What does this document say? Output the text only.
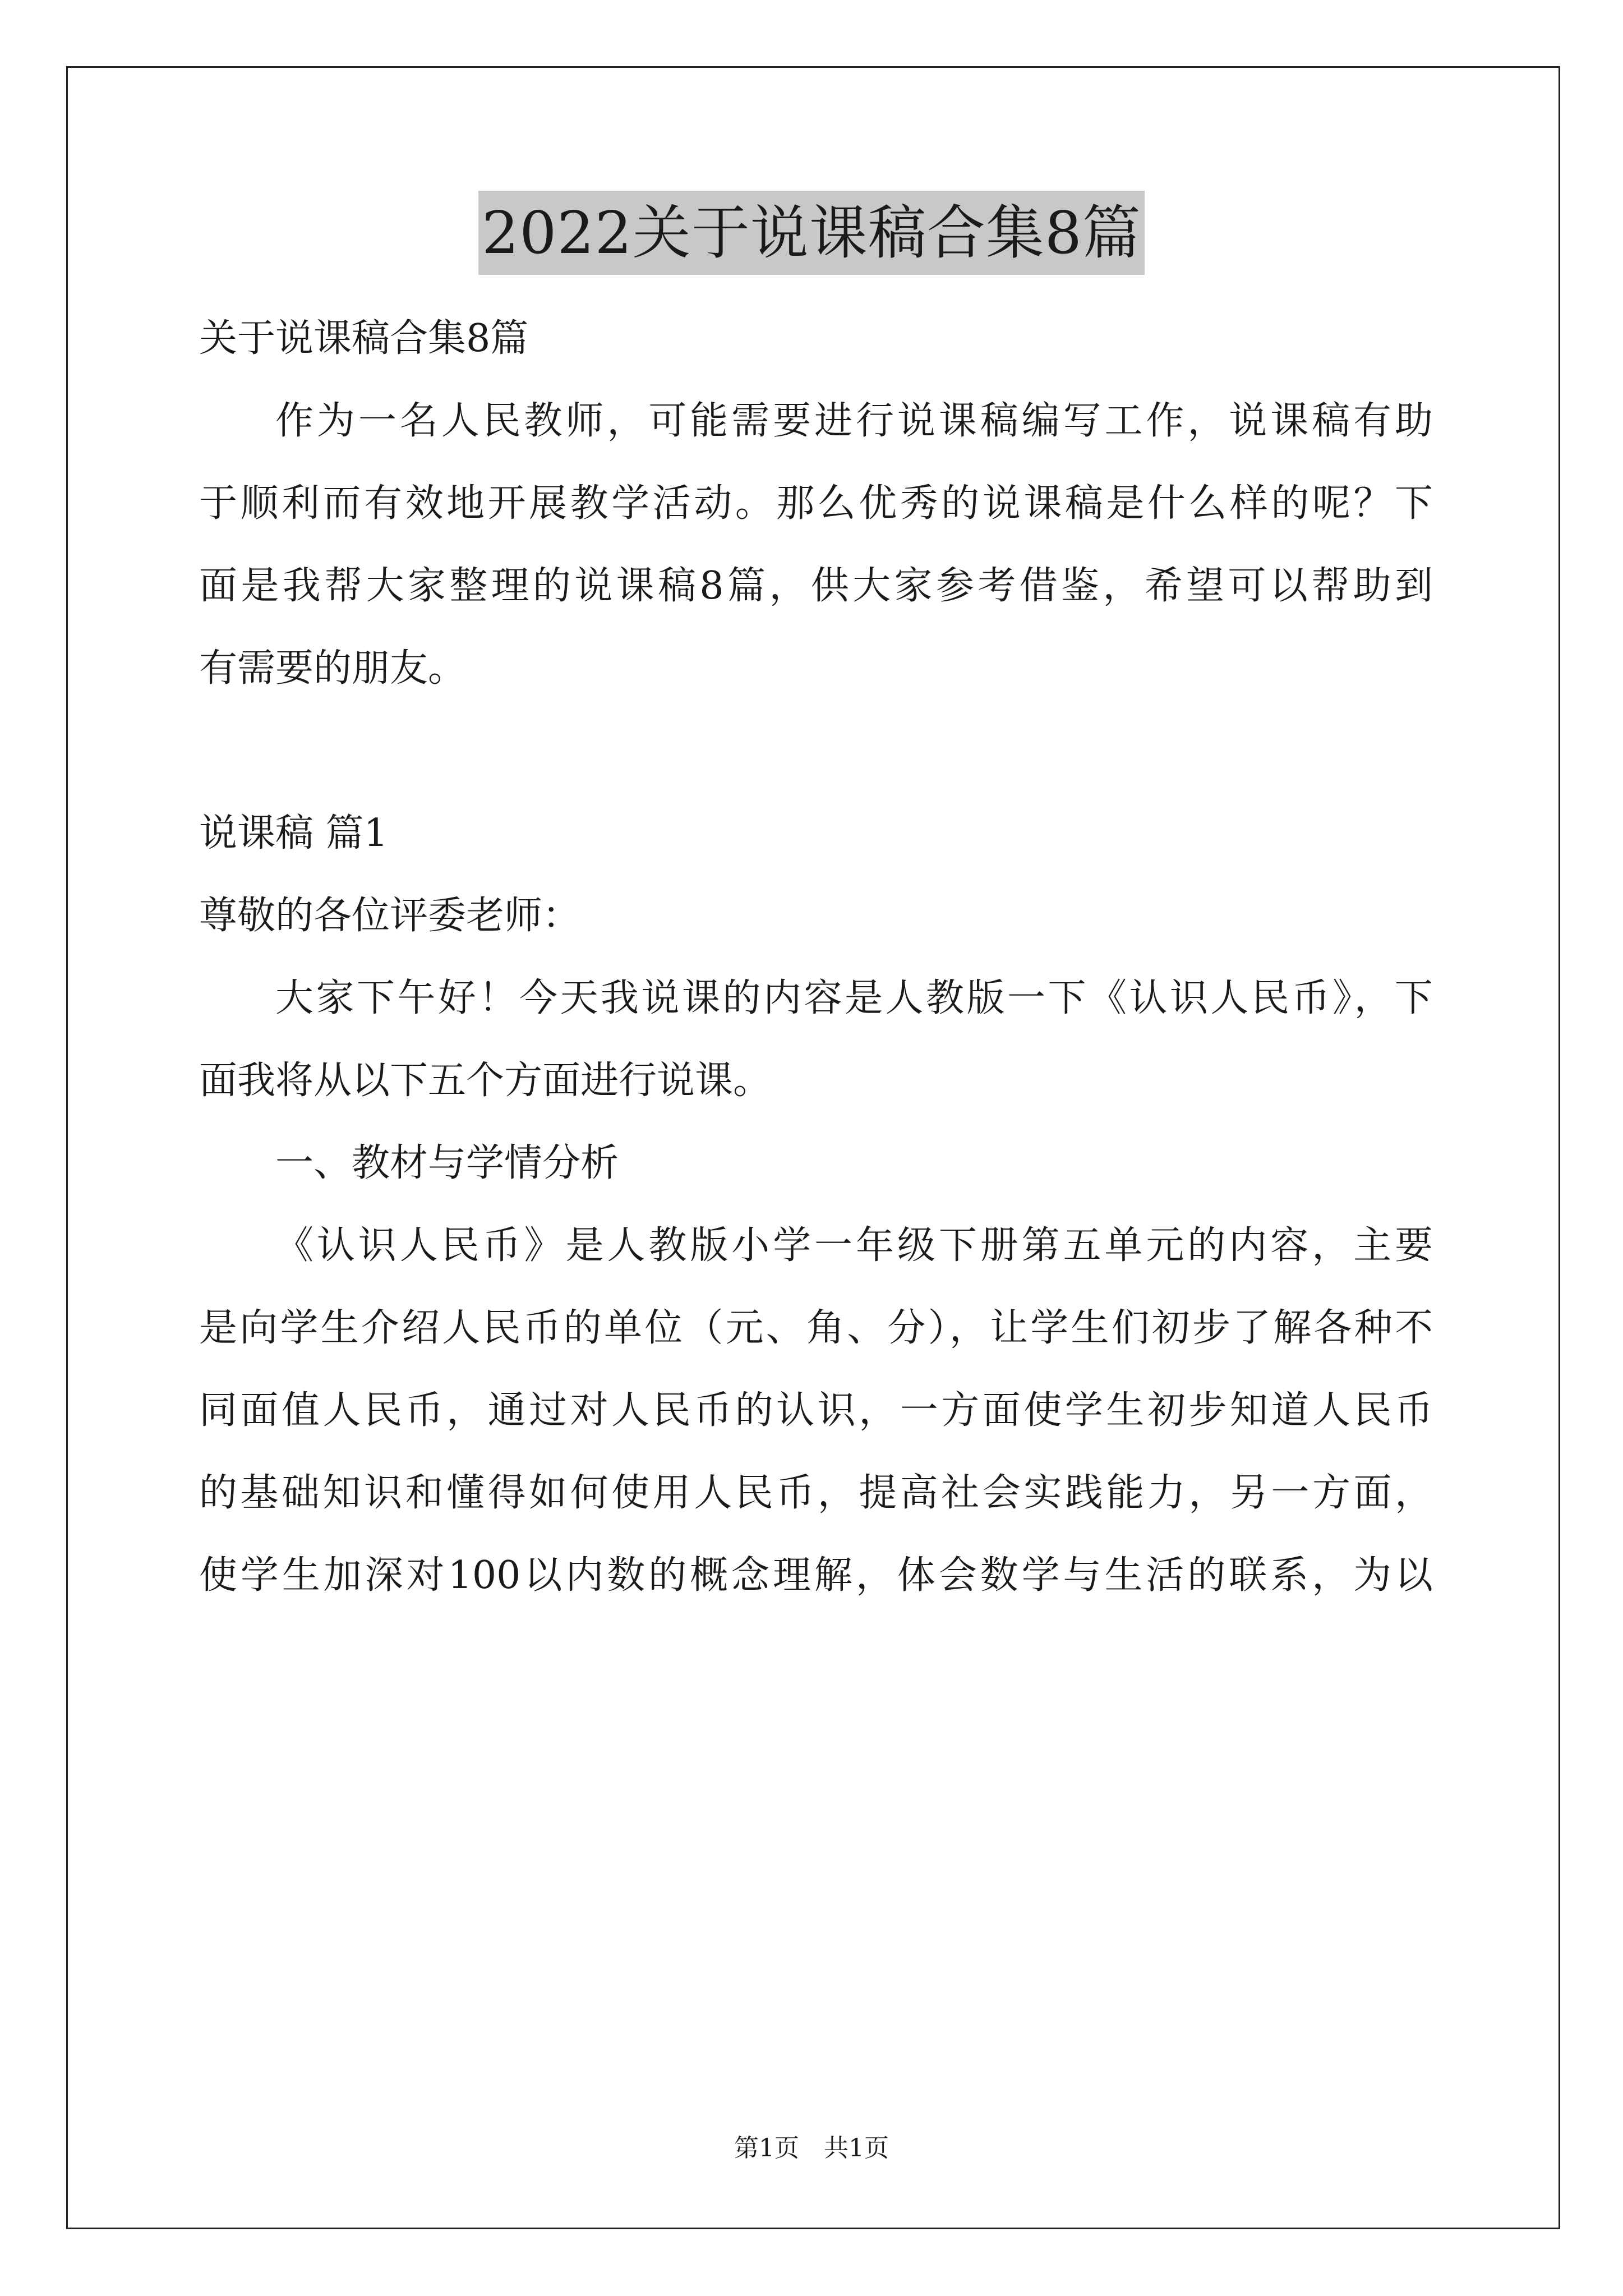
2022关于说课稿合集8篇
关于说课稿合集8篇
作为一名人民教师，可能需要进行说课稿编写工作，说课稿有助
于顺利而有效地开展教学活动。那么优秀的说课稿是什么样的呢？下
面是我帮大家整理的说课稿8篇，供大家参考借鉴，希望可以帮助到
有需要的朋友。
说课稿 篇1
尊敬的各位评委老师：
大家下午好！今天我说课的内容是人教版一下《认识人民币》，下
面我将从以下五个方面进行说课。
一、教材与学情分析
《认识人民币》是人教版小学一年级下册第五单元的内容，主要
是向学生介绍人民币的单位（元、角、分），让学生们初步了解各种不
同面值人民币，通过对人民币的认识，一方面使学生初步知道人民币
的基础知识和懂得如何使用人民币，提高社会实践能力，另一方面，
使学生加深对100以内数的概念理解，体会数学与生活的联系，为以
第1页　共1页
